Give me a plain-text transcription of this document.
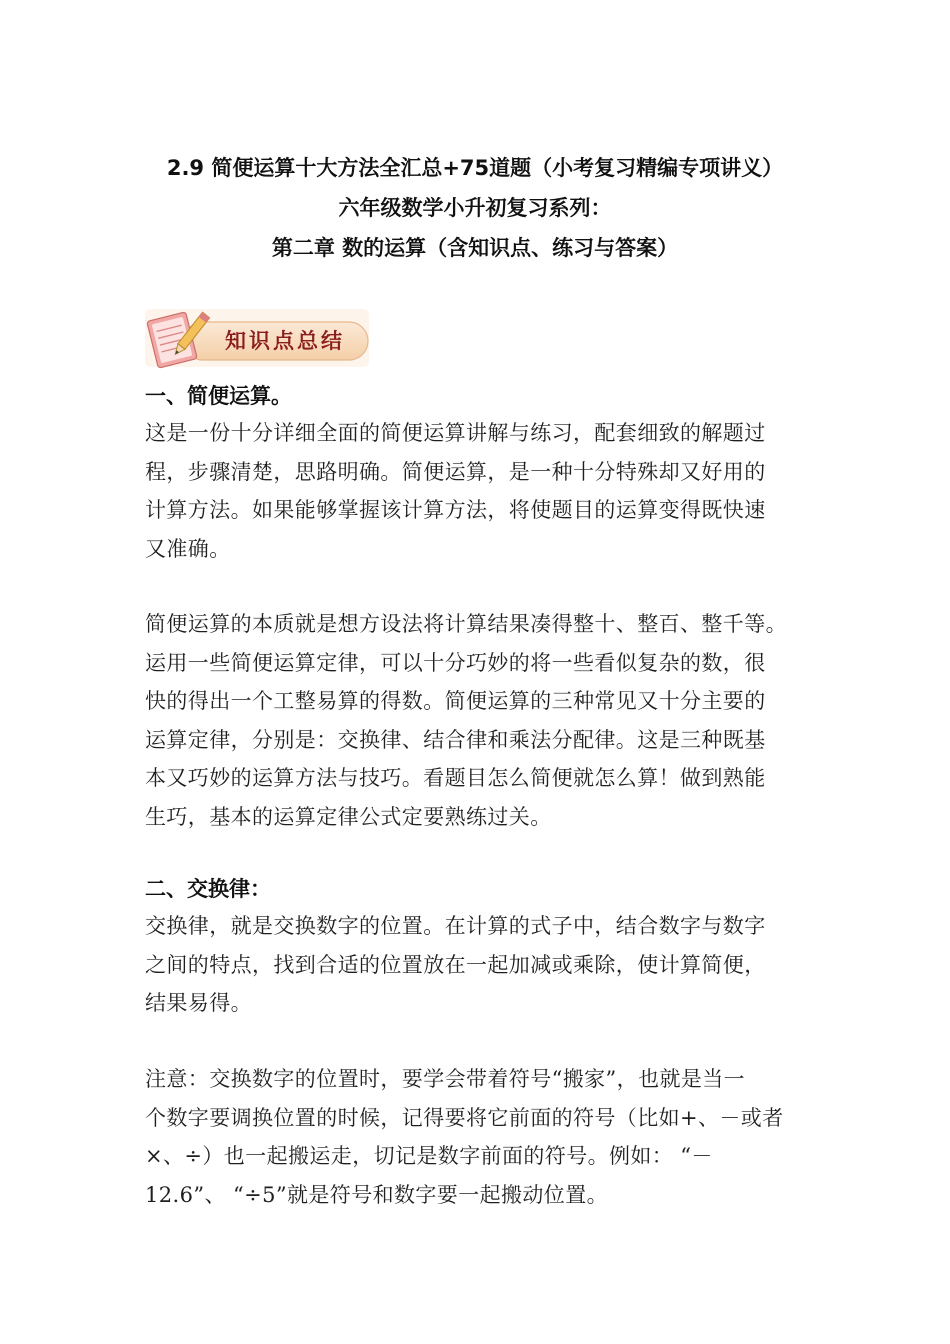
2.9 简便运算十大方法全汇总+75道题（小考复习精编专项讲义）
六年级数学小升初复习系列：
第二章 数的运算（含知识点、练习与答案）
知识点总结
一、简便运算。
这是一份十分详细全面的简便运算讲解与练习，配套细致的解题过
程，步骤清楚，思路明确。简便运算，是一种十分特殊却又好用的
计算方法。如果能够掌握该计算方法，将使题目的运算变得既快速
又准确。
简便运算的本质就是想方设法将计算结果凑得整十、整百、整千等。
运用一些简便运算定律，可以十分巧妙的将一些看似复杂的数，很
快的得出一个工整易算的得数。简便运算的三种常见又十分主要的
运算定律，分别是：交换律、结合律和乘法分配律。这是三种既基
本又巧妙的运算方法与技巧。看题目怎么简便就怎么算！做到熟能
生巧，基本的运算定律公式定要熟练过关。
二、交换律：
交换律，就是交换数字的位置。在计算的式子中，结合数字与数字
之间的特点，找到合适的位置放在一起加减或乘除，使计算简便，
结果易得。
注意：交换数字的位置时，要学会带着符号“搬家”，也就是当一
个数字要调换位置的时候，记得要将它前面的符号（比如+、－或者
×、÷）也一起搬运走，切记是数字前面的符号。例如： “－
12.6”、 “÷5”就是符号和数字要一起搬动位置。
